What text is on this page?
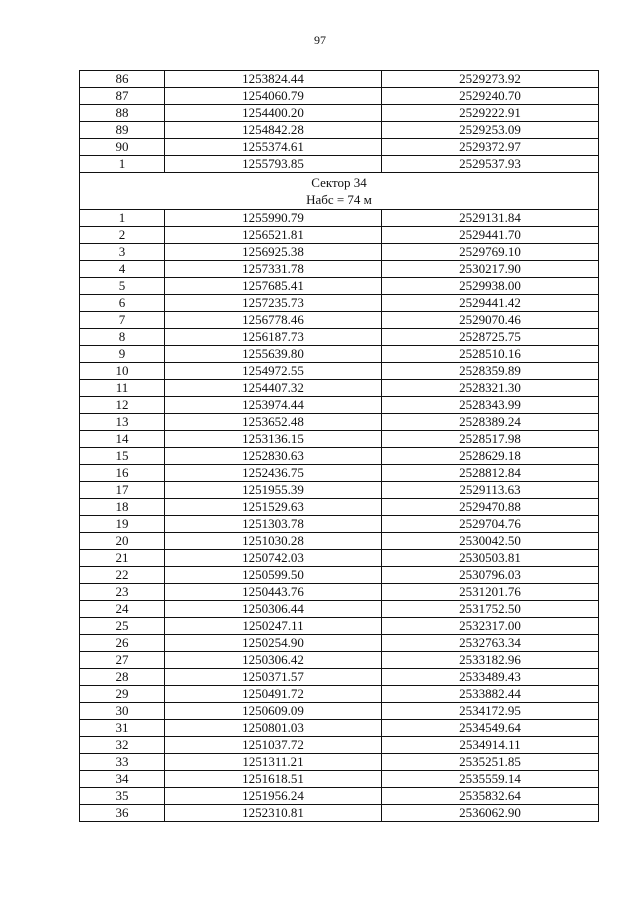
97
86	1253824.44	2529273.92
87	1254060.79	2529240.70
88	1254400.20	2529222.91
89	1254842.28	2529253.09
90	1255374.61	2529372.97
1	1255793.85	2529537.93

Сектор 34
Набс = 74 м		

1	1255990.79	2529131.84
2	1256521.81	2529441.70
3	1256925.38	2529769.10
4	1257331.78	2530217.90
5	1257685.41	2529938.00
6	1257235.73	2529441.42
7	1256778.46	2529070.46
8	1256187.73	2528725.75
9	1255639.80	2528510.16
10	1254972.55	2528359.89
11	1254407.32	2528321.30
12	1253974.44	2528343.99
13	1253652.48	2528389.24
14	1253136.15	2528517.98
15	1252830.63	2528629.18
16	1252436.75	2528812.84
17	1251955.39	2529113.63
18	1251529.63	2529470.88
19	1251303.78	2529704.76
20	1251030.28	2530042.50
21	1250742.03	2530503.81
22	1250599.50	2530796.03
23	1250443.76	2531201.76
24	1250306.44	2531752.50
25	1250247.11	2532317.00
26	1250254.90	2532763.34
27	1250306.42	2533182.96
28	1250371.57	2533489.43
29	1250491.72	2533882.44
30	1250609.09	2534172.95
31	1250801.03	2534549.64
32	1251037.72	2534914.11
33	1251311.21	2535251.85
34	1251618.51	2535559.14
35	1251956.24	2535832.64
36	1252310.81	2536062.90
